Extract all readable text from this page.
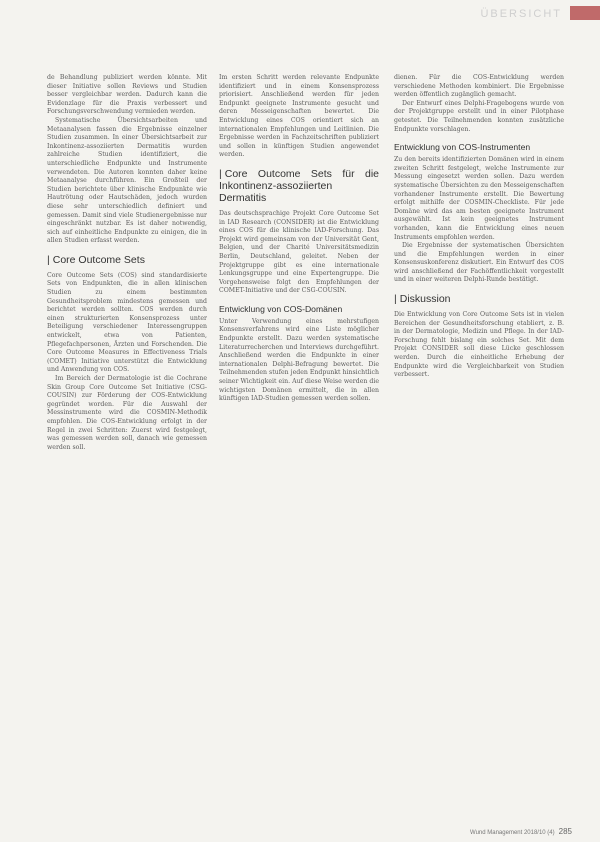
ÜBERSICHT

de Behandlung publiziert werden könnte. Mit dieser Initiative sollen Reviews und Studien besser vergleichbar werden. Dadurch kann die Evidenzlage für die Praxis verbessert und Forschungsverschwendung vermieden werden.

Systematische Übersichtsarbeiten und Metaanalysen fassen die Ergebnisse einzelner Studien zusammen. In einer Übersichtsarbeit zur Inkontinenz-assoziierten Dermatitis wurden zahlreiche Studien identifiziert, die unterschiedliche Endpunkte und Instrumente verwendeten. Die Autoren konnten daher keine Metaanalyse durchführen. Ein Großteil der Studien berichtete über klinische Endpunkte wie Hautrötung oder Hautschäden, jedoch wurden diese sehr unterschiedlich definiert und gemessen. Damit sind viele Studienergebnisse nur eingeschränkt nutzbar. Es ist daher notwendig, sich auf einheitliche Endpunkte zu einigen, die in allen Studien erfasst werden.

| Core Outcome Sets

Core Outcome Sets (COS) sind standardisierte Sets von Endpunkten, die in allen klinischen Studien zu einem bestimmten Gesundheitsproblem mindestens gemessen und berichtet werden sollten. COS werden durch einen strukturierten Konsensprozess unter Beteiligung verschiedener Interessengruppen entwickelt, etwa von Patienten, Pflegefachpersonen, Ärzten und Forschenden. Die Core Outcome Measures in Effectiveness Trials (COMET) Initiative unterstützt die Entwicklung und Anwendung von COS.

Im Bereich der Dermatologie ist die Cochrane Skin Group Core Outcome Set Initiative (CSG-COUSIN) zur Förderung der COS-Entwicklung gegründet worden. Für die Auswahl der Messinstrumente wird die COSMIN-Methodik empfohlen. Die COS-Entwicklung erfolgt in der Regel in zwei Schritten: Zuerst wird festgelegt, was gemessen werden soll, danach wie gemessen werden soll.

Im ersten Schritt werden relevante Endpunkte identifiziert und in einem Konsensprozess priorisiert. Anschließend werden für jeden Endpunkt geeignete Instrumente gesucht und deren Messeigenschaften bewertet. Die Entwicklung eines COS orientiert sich an internationalen Empfehlungen und Leitlinien. Die Ergebnisse werden in Fachzeitschriften publiziert und sollen in künftigen Studien angewendet werden.

| Core Outcome Sets für die Inkontinenz-assoziierten Dermatitis

Das deutschsprachige Projekt Core Outcome Set in IAD Research (CONSIDER) ist die Entwicklung eines COS für die klinische IAD-Forschung. Das Projekt wird gemeinsam von der Universität Gent, Belgien, und der Charité Universitätsmedizin Berlin, Deutschland, geleitet. Neben der Projektgruppe gibt es eine internationale Lenkungsgruppe und eine Expertengruppe. Die Vorgehensweise folgt den Empfehlungen der COMET-Initiative und der CSG-COUSIN.

Entwicklung von COS-Domänen

Unter Verwendung eines mehrstufigen Konsensverfahrens wird eine Liste möglicher Endpunkte erstellt. Dazu werden systematische Literaturrecherchen und Interviews durchgeführt. Anschließend werden die Endpunkte in einer internationalen Delphi-Befragung bewertet. Die Teilnehmenden stufen jeden Endpunkt hinsichtlich seiner Wichtigkeit ein. Auf diese Weise werden die wichtigsten Domänen ermittelt, die in allen künftigen IAD-Studien gemessen werden sollen.

dienen. Für die COS-Entwicklung werden verschiedene Methoden kombiniert. Die Ergebnisse werden öffentlich zugänglich gemacht.

Der Entwurf eines Delphi-Fragebogens wurde von der Projektgruppe erstellt und in einer Pilotphase getestet. Die Teilnehmenden konnten zusätzliche Endpunkte vorschlagen.

Entwicklung von COS-Instrumenten

Zu den bereits identifizierten Domänen wird in einem zweiten Schritt festgelegt, welche Instrumente zur Messung eingesetzt werden sollen. Dazu werden systematische Übersichten zu den Messeigenschaften vorhandener Instrumente erstellt. Die Bewertung erfolgt mithilfe der COSMIN-Checkliste. Für jede Domäne wird das am besten geeignete Instrument ausgewählt. Ist kein geeignetes Instrument vorhanden, kann die Entwicklung eines neuen Instruments empfohlen werden.

Die Ergebnisse der systematischen Übersichten und die Empfehlungen werden in einer Konsensuskonferenz diskutiert. Ein Entwurf des COS wird anschließend der Fachöffentlichkeit vorgestellt und in einer weiteren Delphi-Runde bestätigt.

| Diskussion

Die Entwicklung von Core Outcome Sets ist in vielen Bereichen der Gesundheitsforschung etabliert, z. B. in der Dermatologie, Medizin und Pflege. In der IAD-Forschung fehlt bislang ein solches Set. Mit dem Projekt CONSIDER soll diese Lücke geschlossen werden. Durch die einheitliche Erhebung der Endpunkte wird die Vergleichbarkeit von Studien verbessert.

Wund Management 2018/10 (4) 285
